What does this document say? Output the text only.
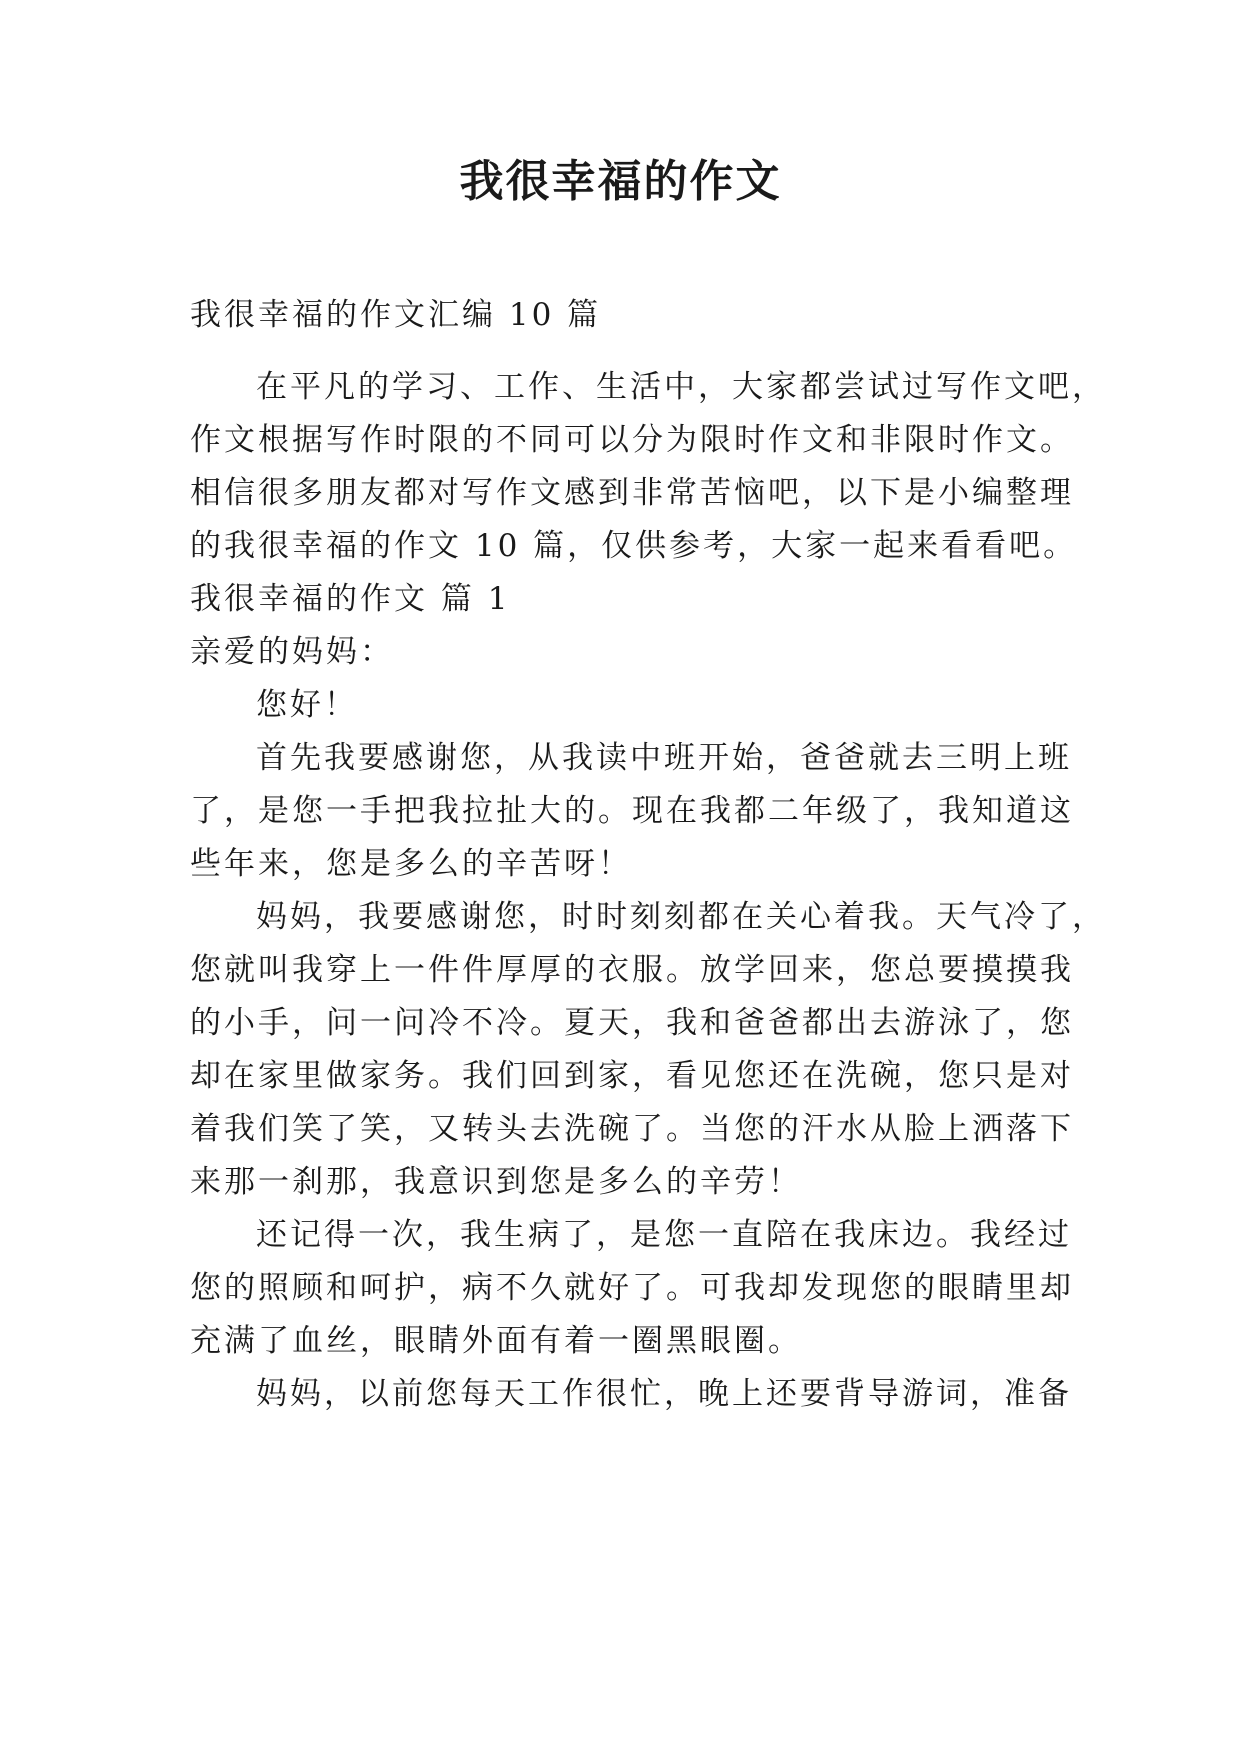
我很幸福的作文

我很幸福的作文汇编 10 篇

在平凡的学习、工作、生活中，大家都尝试过写作文吧，

作文根据写作时限的不同可以分为限时作文和非限时作文。

相信很多朋友都对写作文感到非常苦恼吧，以下是小编整理

的我很幸福的作文 10 篇，仅供参考，大家一起来看看吧。

我很幸福的作文 篇 1

亲爱的妈妈：

您好！

首先我要感谢您，从我读中班开始，爸爸就去三明上班

了，是您一手把我拉扯大的。现在我都二年级了，我知道这

些年来，您是多么的辛苦呀！

妈妈，我要感谢您，时时刻刻都在关心着我。天气冷了，

您就叫我穿上一件件厚厚的衣服。放学回来，您总要摸摸我

的小手，问一问冷不冷。夏天，我和爸爸都出去游泳了，您

却在家里做家务。我们回到家，看见您还在洗碗，您只是对

着我们笑了笑，又转头去洗碗了。当您的汗水从脸上洒落下

来那一刹那，我意识到您是多么的辛劳！

还记得一次，我生病了，是您一直陪在我床边。我经过

您的照顾和呵护，病不久就好了。可我却发现您的眼睛里却

充满了血丝，眼睛外面有着一圈黑眼圈。

妈妈，以前您每天工作很忙，晚上还要背导游词，准备
